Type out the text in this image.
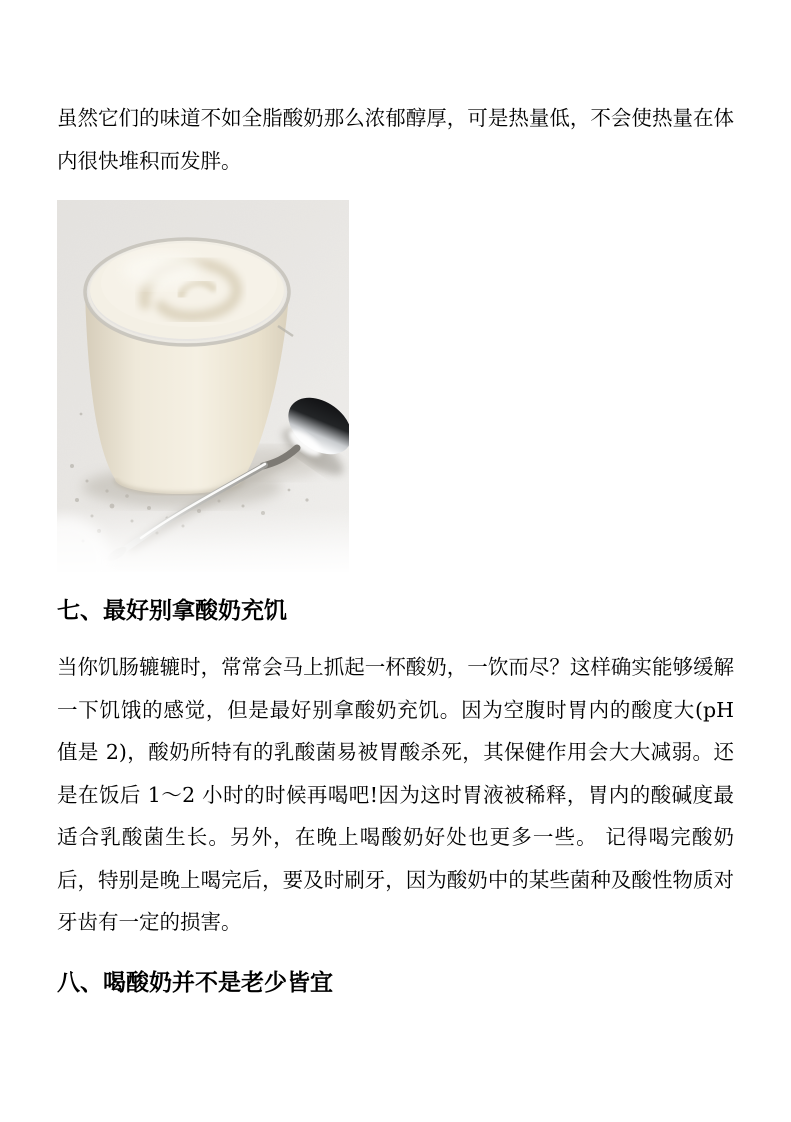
虽然它们的味道不如全脂酸奶那么浓郁醇厚，可是热量低，不会使热量在体内很快堆积而发胖。

七、最好别拿酸奶充饥

当你饥肠辘辘时，常常会马上抓起一杯酸奶，一饮而尽？这样确实能够缓解一下饥饿的感觉，但是最好别拿酸奶充饥。因为空腹时胃内的酸度大(pH 值是 2)，酸奶所特有的乳酸菌易被胃酸杀死，其保健作用会大大减弱。还是在饭后 1～2 小时的时候再喝吧!因为这时胃液被稀释，胃内的酸碱度最适合乳酸菌生长。另外，在晚上喝酸奶好处也更多一些。 记得喝完酸奶后，特别是晚上喝完后，要及时刷牙，因为酸奶中的某些菌种及酸性物质对牙齿有一定的损害。

八、喝酸奶并不是老少皆宜
